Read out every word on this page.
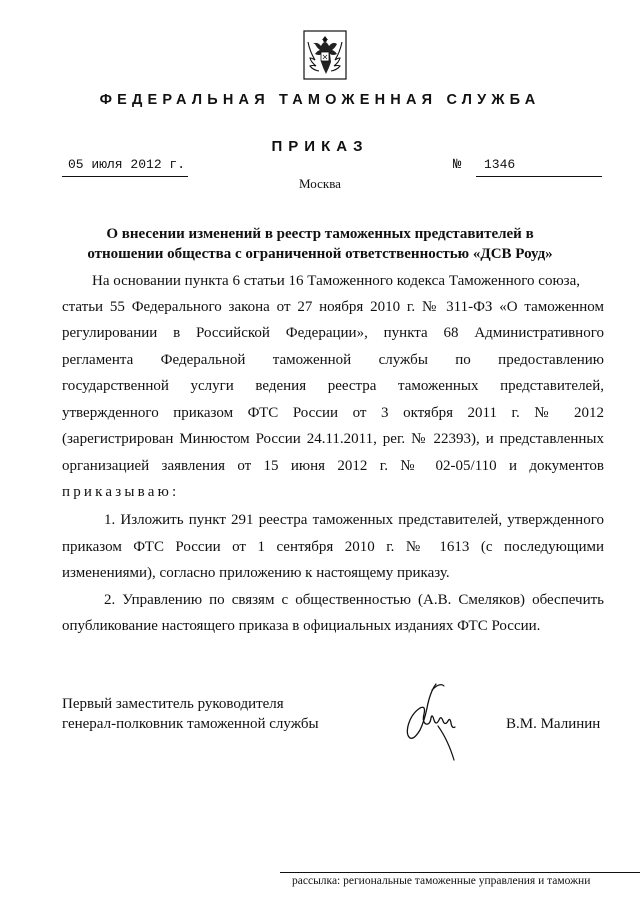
ФЕДЕРАЛЬНАЯ ТАМОЖЕННАЯ СЛУЖБА
ПРИКАЗ
05 июля 2012 г.	№	1346
Москва
О внесении изменений в реестр таможенных представителей в
отношении общества с ограниченной ответственностью «ДСВ Роуд»
На основании пункта 6 статьи 16 Таможенного кодекса Таможенного союза,
статьи 55 Федерального закона от 27 ноября 2010 г. № 311-ФЗ «О таможенном
регулировании в Российской Федерации», пункта 68 Административного
регламента Федеральной таможенной службы по предоставлению
государственной услуги ведения реестра таможенных представителей,
утвержденного приказом ФТС России от 3 октября 2011 г. № 2012
(зарегистрирован Минюстом России 24.11.2011, рег. № 22393), и представленных
организацией заявления от 15 июня 2012 г. № 02-05/110 и документов
приказываю:
1. Изложить пункт 291 реестра таможенных представителей, утвержденного
приказом ФТС России от 1 сентября 2010 г. № 1613 (с последующими
изменениями), согласно приложению к настоящему приказу.
2. Управлению по связям с общественностью (А.В. Смеляков) обеспечить
опубликование настоящего приказа в официальных изданиях ФТС России.
Первый заместитель руководителя
генерал-полковник таможенной службы	В.М. Малинин
рассылка: региональные таможенные управления и таможни
